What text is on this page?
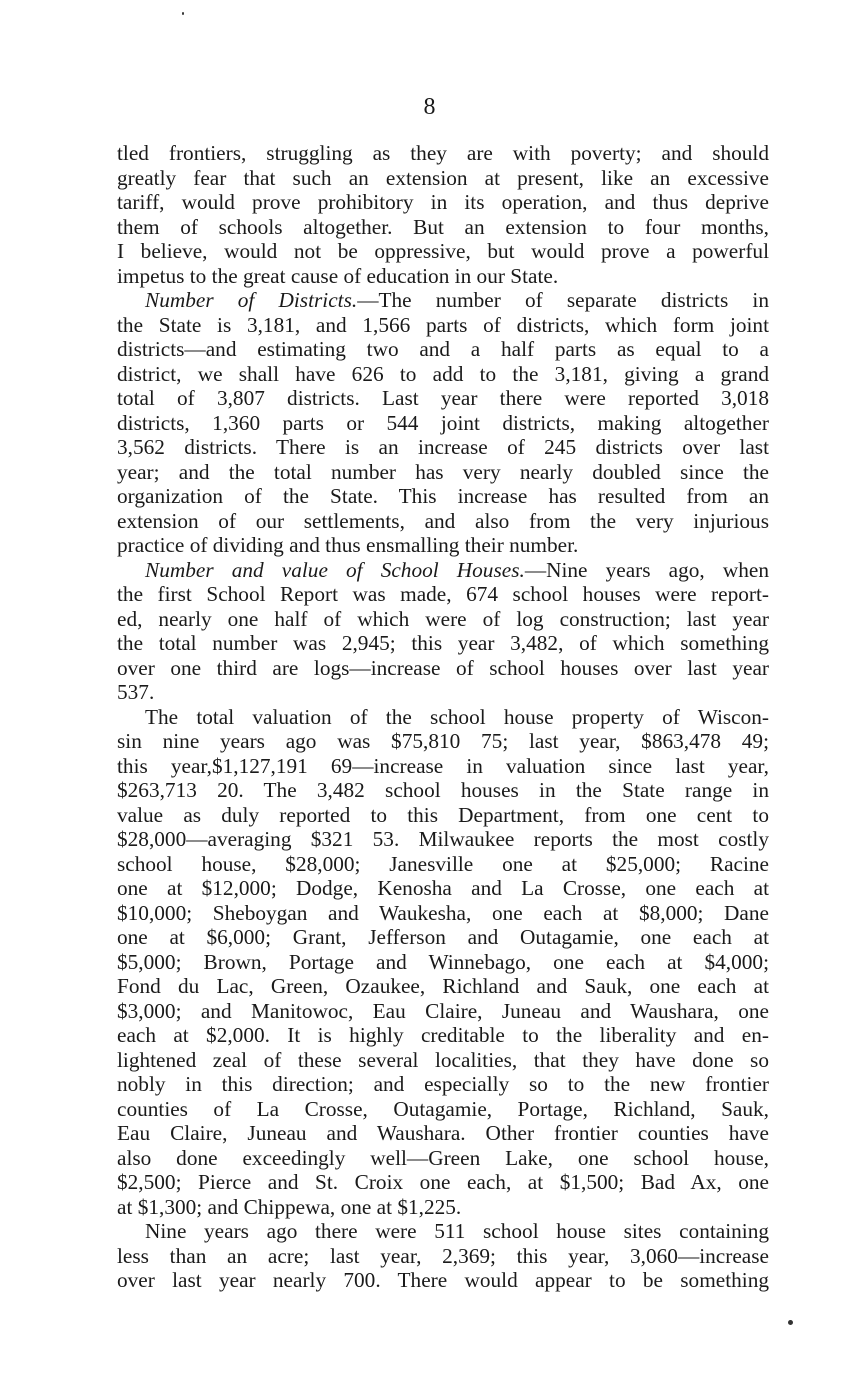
8
tled frontiers, struggling as they are with poverty; and should
greatly fear that such an extension at present, like an excessive
tariff, would prove prohibitory in its operation, and thus deprive
them of schools altogether. But an extension to four months,
I believe, would not be oppressive, but would prove a powerful
impetus to the great cause of education in our State.
Number of Districts.—The number of separate districts in
the State is 3,181, and 1,566 parts of districts, which form joint
districts—and estimating two and a half parts as equal to a
district, we shall have 626 to add to the 3,181, giving a grand
total of 3,807 districts. Last year there were reported 3,018
districts, 1,360 parts or 544 joint districts, making altogether
3,562 districts. There is an increase of 245 districts over last
year; and the total number has very nearly doubled since the
organization of the State. This increase has resulted from an
extension of our settlements, and also from the very injurious
practice of dividing and thus ensmalling their number.
Number and value of School Houses.—Nine years ago, when
the first School Report was made, 674 school houses were report-
ed, nearly one half of which were of log construction; last year
the total number was 2,945; this year 3,482, of which something
over one third are logs—increase of school houses over last year
537.
The total valuation of the school house property of Wiscon-
sin nine years ago was $75,810 75; last year, $863,478 49;
this year,$1,127,191 69—increase in valuation since last year,
$263,713 20. The 3,482 school houses in the State range in
value as duly reported to this Department, from one cent to
$28,000—averaging $321 53. Milwaukee reports the most costly
school house, $28,000; Janesville one at $25,000; Racine
one at $12,000; Dodge, Kenosha and La Crosse, one each at
$10,000; Sheboygan and Waukesha, one each at $8,000; Dane
one at $6,000; Grant, Jefferson and Outagamie, one each at
$5,000; Brown, Portage and Winnebago, one each at $4,000;
Fond du Lac, Green, Ozaukee, Richland and Sauk, one each at
$3,000; and Manitowoc, Eau Claire, Juneau and Waushara, one
each at $2,000. It is highly creditable to the liberality and en-
lightened zeal of these several localities, that they have done so
nobly in this direction; and especially so to the new frontier
counties of La Crosse, Outagamie, Portage, Richland, Sauk,
Eau Claire, Juneau and Waushara. Other frontier counties have
also done exceedingly well—Green Lake, one school house,
$2,500; Pierce and St. Croix one each, at $1,500; Bad Ax, one
at $1,300; and Chippewa, one at $1,225.
Nine years ago there were 511 school house sites containing
less than an acre; last year, 2,369; this year, 3,060—increase
over last year nearly 700. There would appear to be something
